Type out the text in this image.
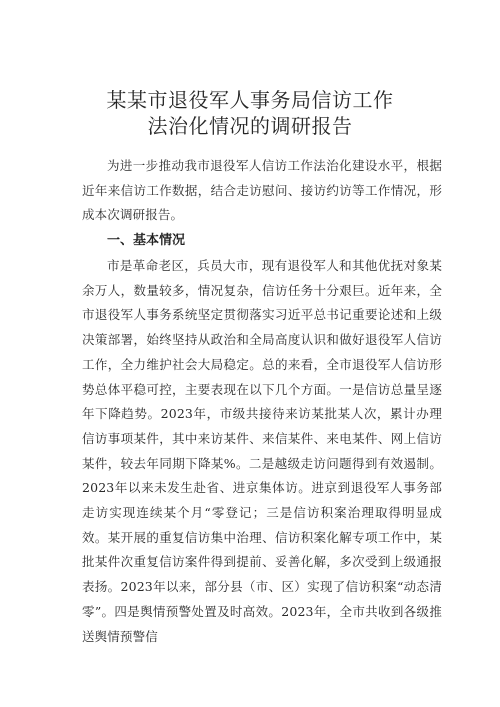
某某市退役军人事务局信访工作
法治化情况的调研报告

为进一步推动我市退役军人信访工作法治化建设水平，根据近年来信访工作数据，结合走访慰问、接访约访等工作情况，形成本次调研报告。

一、基本情况

市是革命老区，兵员大市，现有退役军人和其他优抚对象某余万人，数量较多，情况复杂，信访任务十分艰巨。近年来，全市退役军人事务系统坚定贯彻落实习近平总书记重要论述和上级决策部署，始终坚持从政治和全局高度认识和做好退役军人信访工作，全力维护社会大局稳定。总的来看，全市退役军人信访形势总体平稳可控，主要表现在以下几个方面。一是信访总量呈逐年下降趋势。2023年，市级共接待来访某批某人次，累计办理信访事项某件，其中来访某件、来信某件、来电某件、网上信访某件，较去年同期下降某%。二是越级走访问题得到有效遏制。2023年以来未发生赴省、进京集体访。进京到退役军人事务部走访实现连续某个月“零登记；三是信访积案治理取得明显成效。某开展的重复信访集中治理、信访积案化解专项工作中，某批某件次重复信访案件得到提前、妥善化解，多次受到上级通报表扬。2023年以来，部分县（市、区）实现了信访积案“动态清零”。四是舆情预警处置及时高效。2023年，全市共收到各级推送舆情预警信
